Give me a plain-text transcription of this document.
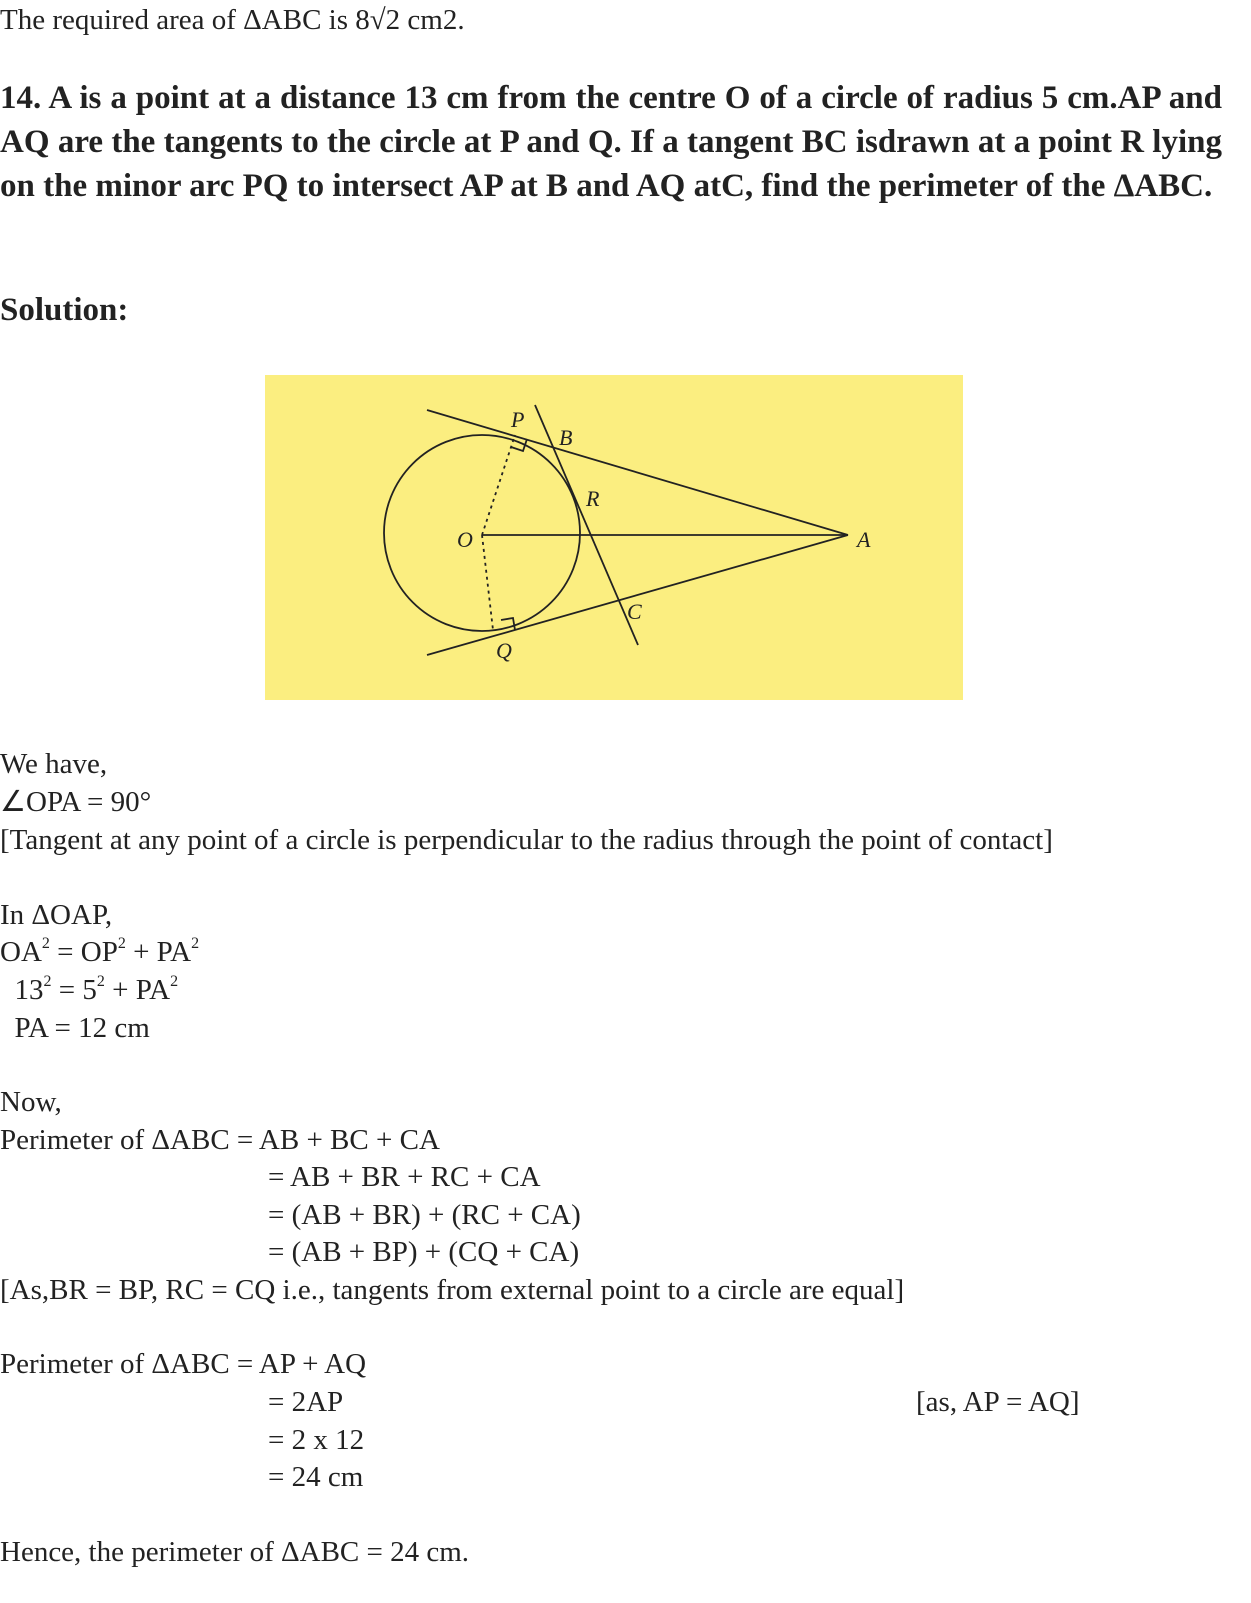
The required area of ΔABC is 8√2 cm2.
14. A is a point at a distance 13 cm from the centre O of a circle of radius 5 cm.AP and AQ are the tangents to the circle at P and Q. If a tangent BC isdrawn at a point R lying on the minor arc PQ to intersect AP at B and AQ atC, find the perimeter of the ΔABC.
Solution:
P
B
R
O	A
C
Q
We have,
∠OPA = 90°
[Tangent at any point of a circle is perpendicular to the radius through the point of contact]
In ΔOAP,
$OA^2 = OP^2 + PA^2$
$13^2 = 5^2 + PA^2$
PA = 12 cm
Now,
Perimeter of ΔABC = AB + BC + CA
= AB + BR + RC + CA
= (AB + BR) + (RC + CA)
= (AB + BP) + (CQ + CA)
[As,BR = BP, RC = CQ i.e., tangents from external point to a circle are equal]
Perimeter of ΔABC = AP + AQ
= 2AP	[as, AP = AQ]
= 2 x 12
= 24 cm
Hence, the perimeter of ΔABC = 24 cm.
